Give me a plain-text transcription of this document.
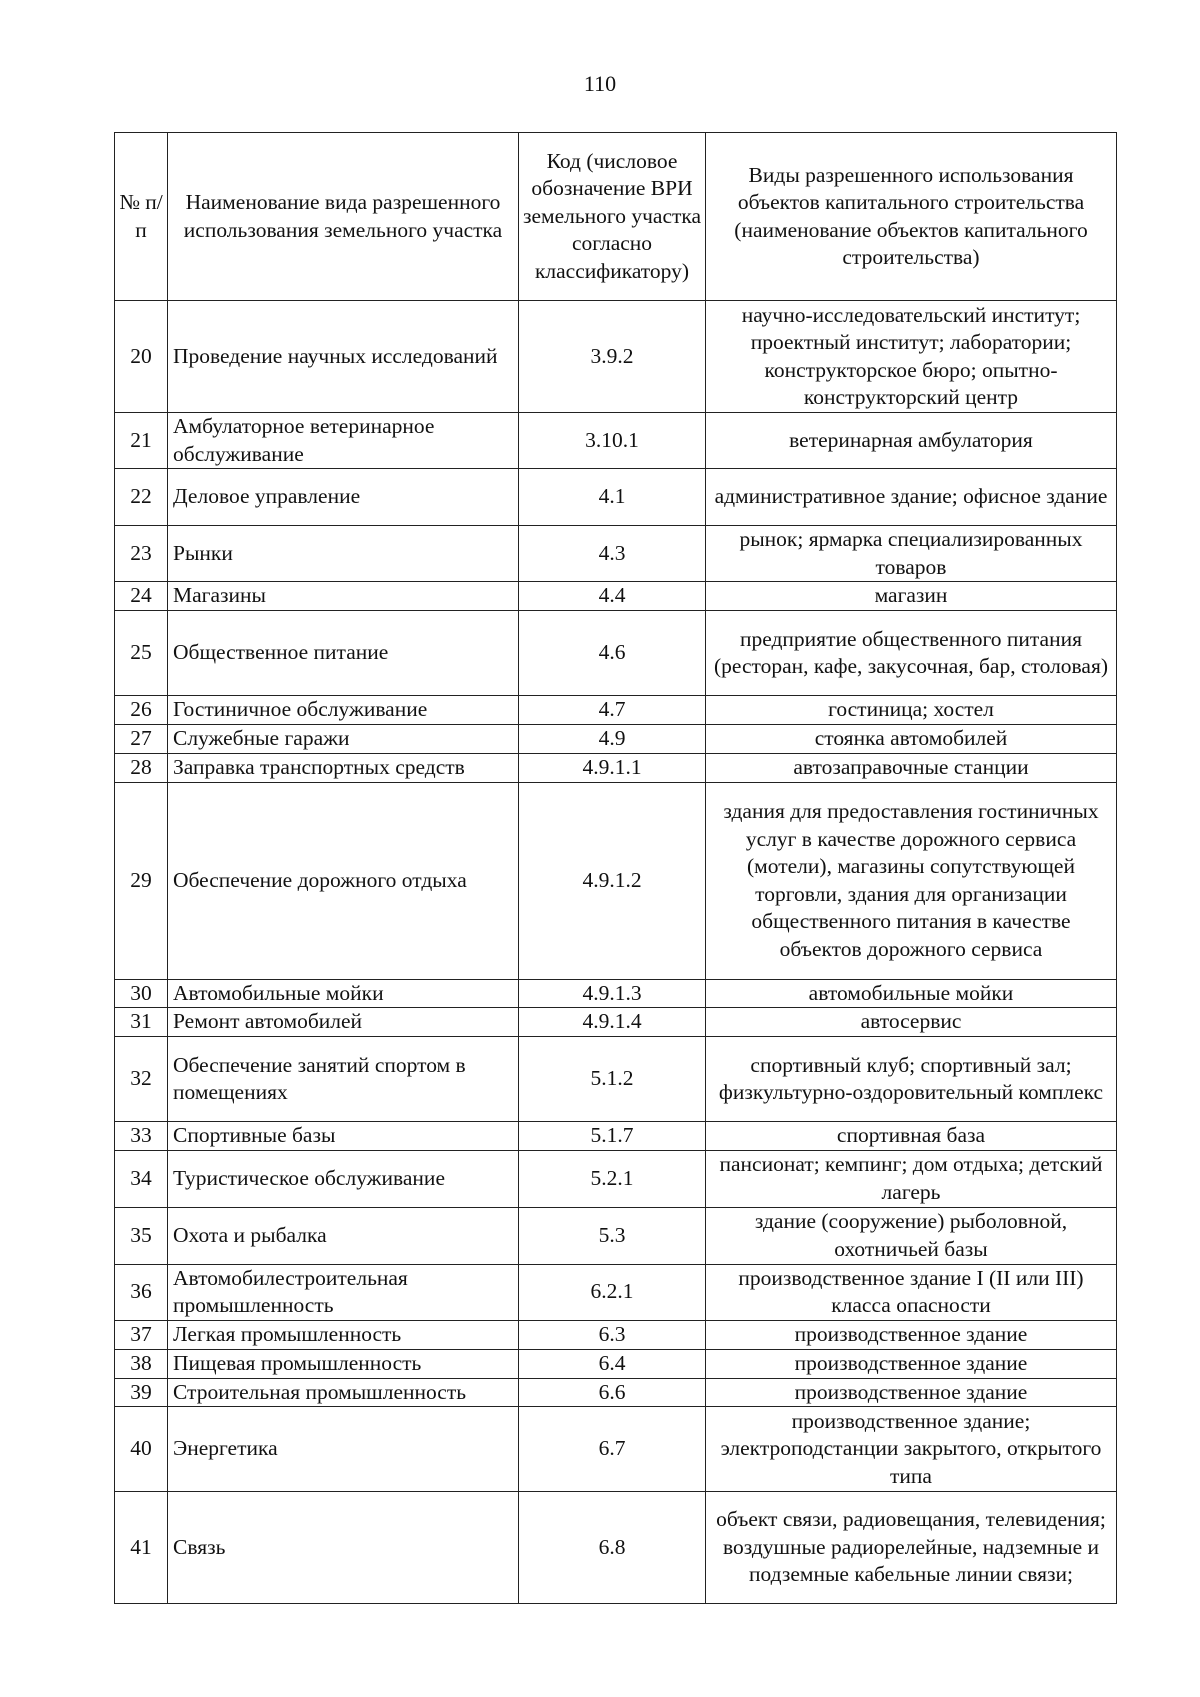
110
№ п/п	Наименование вида разрешенного использования земельного участка	Код (числовое обозначение ВРИ земельного участка согласно классификатору)	Виды разрешенного использования объектов капитального строительства (наименование объектов капитального строительства)
20	Проведение научных исследований	3.9.2	научно-исследовательский институт; проектный институт; лаборатории; конструкторское бюро; опытно-конструкторский центр
21	Амбулаторное ветеринарное обслуживание	3.10.1	ветеринарная амбулатория
22	Деловое управление	4.1	административное здание; офисное здание
23	Рынки	4.3	рынок; ярмарка специализированных товаров
24	Магазины	4.4	магазин
25	Общественное питание	4.6	предприятие общественного питания (ресторан, кафе, закусочная, бар, столовая)
26	Гостиничное обслуживание	4.7	гостиница; хостел
27	Служебные гаражи	4.9	стоянка автомобилей
28	Заправка транспортных средств	4.9.1.1	автозаправочные станции
29	Обеспечение дорожного отдыха	4.9.1.2	здания для предоставления гостиничных услуг в качестве дорожного сервиса (мотели), магазины сопутствующей торговли, здания для организации общественного питания в качестве объектов дорожного сервиса
30	Автомобильные мойки	4.9.1.3	автомобильные мойки
31	Ремонт автомобилей	4.9.1.4	автосервис
32	Обеспечение занятий спортом в помещениях	5.1.2	спортивный клуб; спортивный зал; физкультурно-оздоровительный комплекс
33	Спортивные базы	5.1.7	спортивная база
34	Туристическое обслуживание	5.2.1	пансионат; кемпинг; дом отдыха; детский лагерь
35	Охота и рыбалка	5.3	здание (сооружение) рыболовной, охотничьей базы
36	Автомобилестроительная промышленность	6.2.1	производственное здание I (II или III) класса опасности
37	Легкая промышленность	6.3	производственное здание
38	Пищевая промышленность	6.4	производственное здание
39	Строительная промышленность	6.6	производственное здание
40	Энергетика	6.7	производственное здание; электроподстанции закрытого, открытого типа
41	Связь	6.8	объект связи, радиовещания, телевидения; воздушные радиорелейные, надземные и подземные кабельные линии связи;
